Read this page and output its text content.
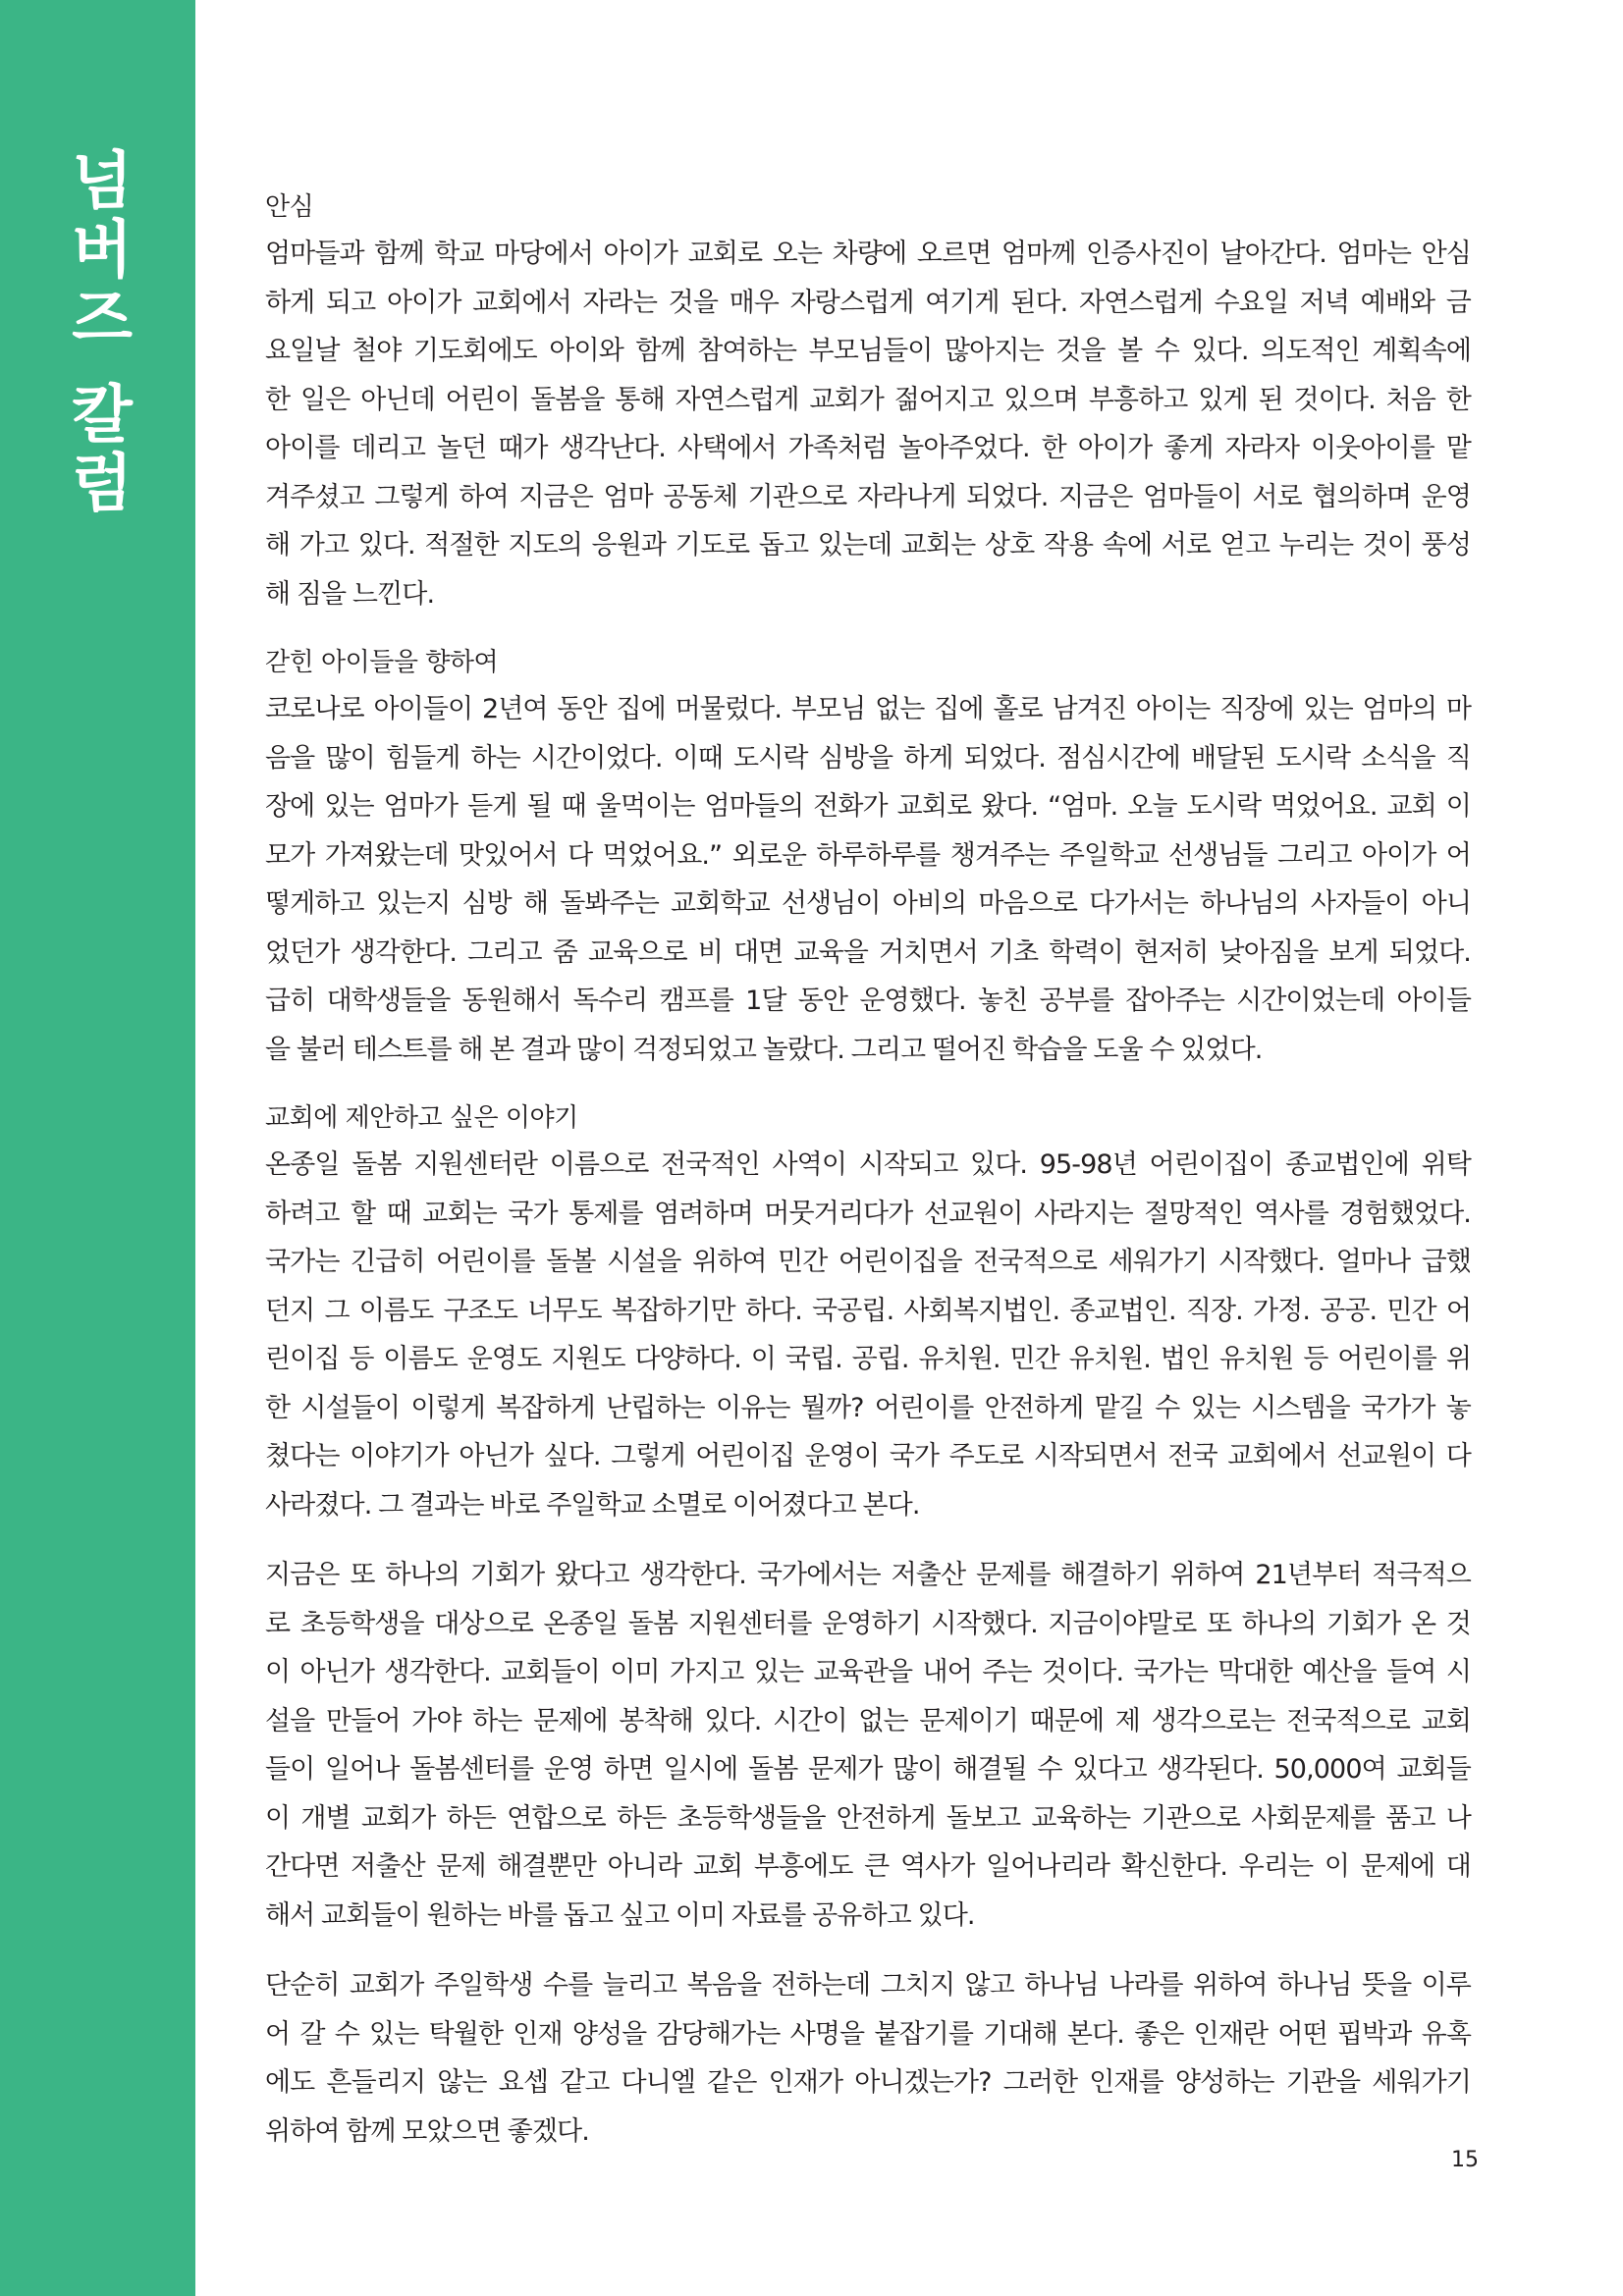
넘버즈 칼럼	안심
엄마들과 함께 학교 마당에서 아이가 교회로 오는 차량에 오르면 엄마께 인증사진이 날아간다. 엄마는 안심
하게 되고 아이가 교회에서 자라는 것을 매우 자랑스럽게 여기게 된다. 자연스럽게 수요일 저녁 예배와 금
요일날 철야 기도회에도 아이와 함께 참여하는 부모님들이 많아지는 것을 볼 수 있다. 의도적인 계획속에
한 일은 아닌데 어린이 돌봄을 통해 자연스럽게 교회가 젊어지고 있으며 부흥하고 있게 된 것이다. 처음 한
아이를 데리고 놀던 때가 생각난다. 사택에서 가족처럼 놀아주었다. 한 아이가 좋게 자라자 이웃아이를 맡
겨주셨고 그렇게 하여 지금은 엄마 공동체 기관으로 자라나게 되었다. 지금은 엄마들이 서로 협의하며 운영
해 가고 있다. 적절한 지도의 응원과 기도로 돕고 있는데 교회는 상호 작용 속에 서로 얻고 누리는 것이 풍성
해 짐을 느낀다.
갇힌 아이들을 향하여
코로나로 아이들이 2년여 동안 집에 머물렀다. 부모님 없는 집에 홀로 남겨진 아이는 직장에 있는 엄마의 마
음을 많이 힘들게 하는 시간이었다. 이때 도시락 심방을 하게 되었다. 점심시간에 배달된 도시락 소식을 직
장에 있는 엄마가 듣게 될 때 울먹이는 엄마들의 전화가 교회로 왔다. “엄마. 오늘 도시락 먹었어요. 교회 이
모가 가져왔는데 맛있어서 다 먹었어요.” 외로운 하루하루를 챙겨주는 주일학교 선생님들 그리고 아이가 어
떻게하고 있는지 심방 해 돌봐주는 교회학교 선생님이 아비의 마음으로 다가서는 하나님의 사자들이 아니
었던가 생각한다. 그리고 줌 교육으로 비 대면 교육을 거치면서 기초 학력이 현저히 낮아짐을 보게 되었다.
급히 대학생들을 동원해서 독수리 캠프를 1달 동안 운영했다. 놓친 공부를 잡아주는 시간이었는데 아이들
을 불러 테스트를 해 본 결과 많이 걱정되었고 놀랐다. 그리고 떨어진 학습을 도울 수 있었다.
교회에 제안하고 싶은 이야기
온종일 돌봄 지원센터란 이름으로 전국적인 사역이 시작되고 있다. 95-98년 어린이집이 종교법인에 위탁
하려고 할 때 교회는 국가 통제를 염려하며 머뭇거리다가 선교원이 사라지는 절망적인 역사를 경험했었다.
국가는 긴급히 어린이를 돌볼 시설을 위하여 민간 어린이집을 전국적으로 세워가기 시작했다. 얼마나 급했
던지 그 이름도 구조도 너무도 복잡하기만 하다. 국공립. 사회복지법인. 종교법인. 직장. 가정. 공공. 민간 어
린이집 등 이름도 운영도 지원도 다양하다. 이 국립. 공립. 유치원. 민간 유치원. 법인 유치원 등 어린이를 위
한 시설들이 이렇게 복잡하게 난립하는 이유는 뭘까? 어린이를 안전하게 맡길 수 있는 시스템을 국가가 놓
쳤다는 이야기가 아닌가 싶다. 그렇게 어린이집 운영이 국가 주도로 시작되면서 전국 교회에서 선교원이 다
사라졌다. 그 결과는 바로 주일학교 소멸로 이어졌다고 본다.
지금은 또 하나의 기회가 왔다고 생각한다. 국가에서는 저출산 문제를 해결하기 위하여 21년부터 적극적으
로 초등학생을 대상으로 온종일 돌봄 지원센터를 운영하기 시작했다. 지금이야말로 또 하나의 기회가 온 것
이 아닌가 생각한다. 교회들이 이미 가지고 있는 교육관을 내어 주는 것이다. 국가는 막대한 예산을 들여 시
설을 만들어 가야 하는 문제에 봉착해 있다. 시간이 없는 문제이기 때문에 제 생각으로는 전국적으로 교회
들이 일어나 돌봄센터를 운영 하면 일시에 돌봄 문제가 많이 해결될 수 있다고 생각된다. 50,000여 교회들
이 개별 교회가 하든 연합으로 하든 초등학생들을 안전하게 돌보고 교육하는 기관으로 사회문제를 품고 나
간다면 저출산 문제 해결뿐만 아니라 교회 부흥에도 큰 역사가 일어나리라 확신한다. 우리는 이 문제에 대
해서 교회들이 원하는 바를 돕고 싶고 이미 자료를 공유하고 있다.
단순히 교회가 주일학생 수를 늘리고 복음을 전하는데 그치지 않고 하나님 나라를 위하여 하나님 뜻을 이루
어 갈 수 있는 탁월한 인재 양성을 감당해가는 사명을 붙잡기를 기대해 본다. 좋은 인재란 어떤 핍박과 유혹
에도 흔들리지 않는 요셉 같고 다니엘 같은 인재가 아니겠는가? 그러한 인재를 양성하는 기관을 세워가기
위하여 함께 모았으면 좋겠다.
15
